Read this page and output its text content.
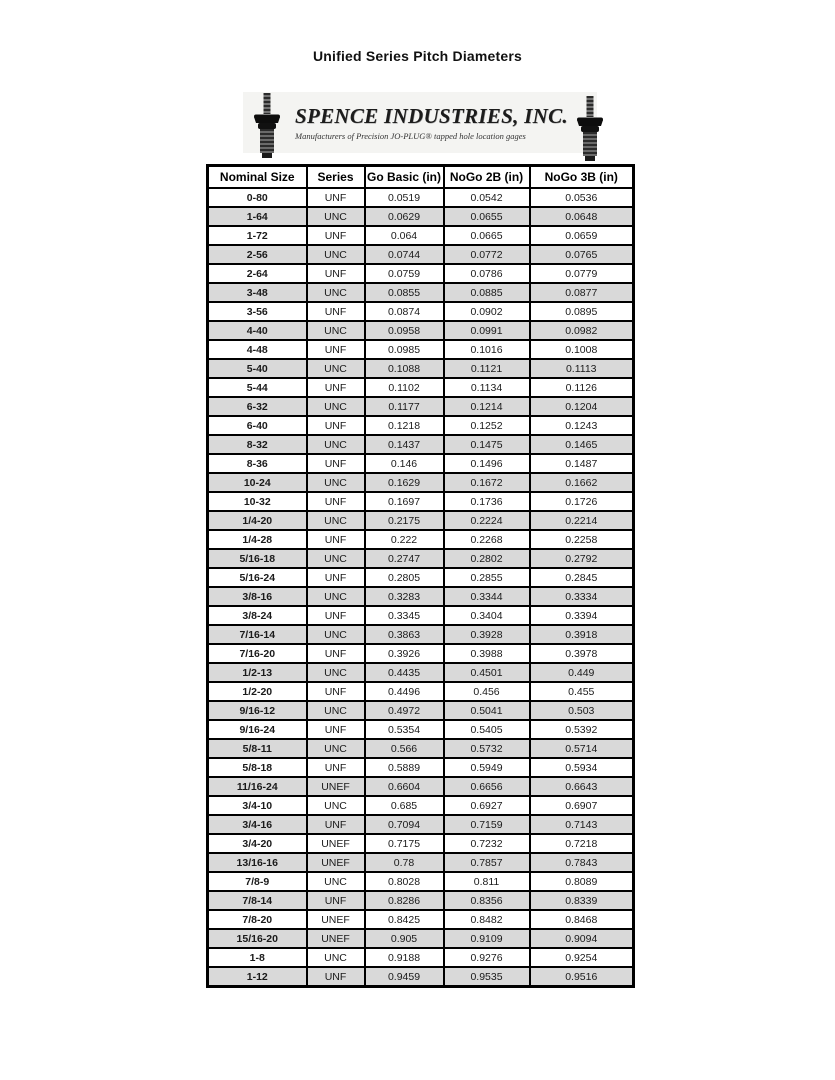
Unified Series Pitch Diameters
SPENCE INDUSTRIES, INC.
Manufacturers of Precision JO-PLUG® tapped hole location gages
Nominal Size	Series	Go Basic (in)	NoGo 2B (in)	NoGo 3B (in)
0-80	UNF	0.0519	0.0542	0.0536
1-64	UNC	0.0629	0.0655	0.0648
1-72	UNF	0.064	0.0665	0.0659
2-56	UNC	0.0744	0.0772	0.0765
2-64	UNF	0.0759	0.0786	0.0779
3-48	UNC	0.0855	0.0885	0.0877
3-56	UNF	0.0874	0.0902	0.0895
4-40	UNC	0.0958	0.0991	0.0982
4-48	UNF	0.0985	0.1016	0.1008
5-40	UNC	0.1088	0.1121	0.1113
5-44	UNF	0.1102	0.1134	0.1126
6-32	UNC	0.1177	0.1214	0.1204
6-40	UNF	0.1218	0.1252	0.1243
8-32	UNC	0.1437	0.1475	0.1465
8-36	UNF	0.146	0.1496	0.1487
10-24	UNC	0.1629	0.1672	0.1662
10-32	UNF	0.1697	0.1736	0.1726
1/4-20	UNC	0.2175	0.2224	0.2214
1/4-28	UNF	0.222	0.2268	0.2258
5/16-18	UNC	0.2747	0.2802	0.2792
5/16-24	UNF	0.2805	0.2855	0.2845
3/8-16	UNC	0.3283	0.3344	0.3334
3/8-24	UNF	0.3345	0.3404	0.3394
7/16-14	UNC	0.3863	0.3928	0.3918
7/16-20	UNF	0.3926	0.3988	0.3978
1/2-13	UNC	0.4435	0.4501	0.449
1/2-20	UNF	0.4496	0.456	0.455
9/16-12	UNC	0.4972	0.5041	0.503
9/16-24	UNF	0.5354	0.5405	0.5392
5/8-11	UNC	0.566	0.5732	0.5714
5/8-18	UNF	0.5889	0.5949	0.5934
11/16-24	UNEF	0.6604	0.6656	0.6643
3/4-10	UNC	0.685	0.6927	0.6907
3/4-16	UNF	0.7094	0.7159	0.7143
3/4-20	UNEF	0.7175	0.7232	0.7218
13/16-16	UNEF	0.78	0.7857	0.7843
7/8-9	UNC	0.8028	0.811	0.8089
7/8-14	UNF	0.8286	0.8356	0.8339
7/8-20	UNEF	0.8425	0.8482	0.8468
15/16-20	UNEF	0.905	0.9109	0.9094
1-8	UNC	0.9188	0.9276	0.9254
1-12	UNF	0.9459	0.9535	0.9516
